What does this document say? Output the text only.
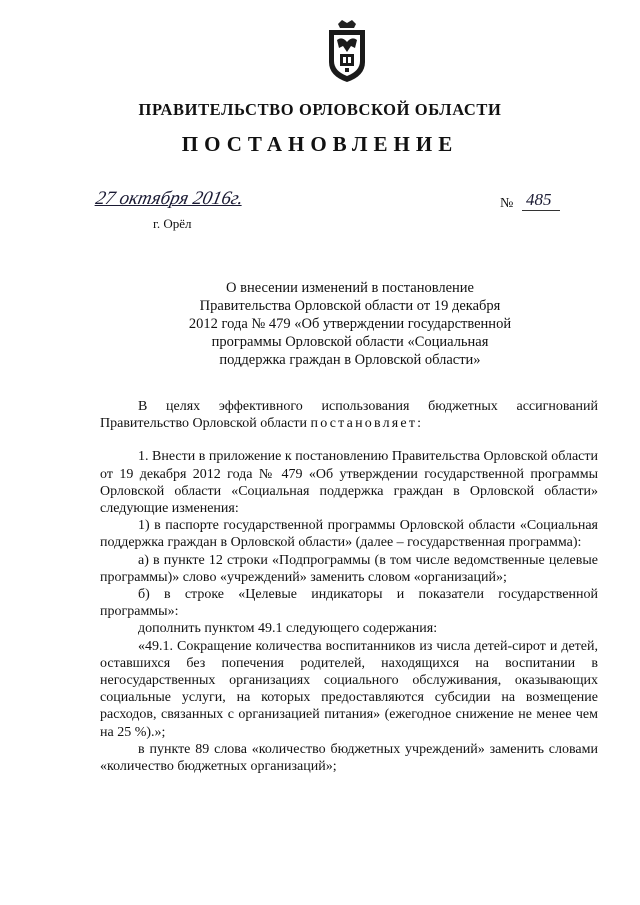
ПРАВИТЕЛЬСТВО ОРЛОВСКОЙ ОБЛАСТИ
ПОСТАНОВЛЕНИЕ
27 октября 2016г.
г. Орёл
№ 485
О внесении изменений в постановление
Правительства Орловской области от 19 декабря
2012 года № 479 «Об утверждении государственной
программы Орловской области «Социальная
поддержка граждан в Орловской области»

В целях эффективного использования бюджетных ассигнований Правительство Орловской области постановляет:

1. Внести в приложение к постановлению Правительства Орловской области от 19 декабря 2012 года № 479 «Об утверждении государственной программы Орловской области «Социальная поддержка граждан в Орловской области» следующие изменения:

1) в паспорте государственной программы Орловской области «Социальная поддержка граждан в Орловской области» (далее – государственная программа):

а) в пункте 12 строки «Подпрограммы (в том числе ведомственные целевые программы)» слово «учреждений» заменить словом «организаций»;

б) в строке «Целевые индикаторы и показатели государственной программы»:

дополнить пунктом 49.1 следующего содержания:

«49.1. Сокращение количества воспитанников из числа детей-сирот и детей, оставшихся без попечения родителей, находящихся на воспитании в негосударственных организациях социального обслуживания, оказывающих социальные услуги, на которых предоставляются субсидии на возмещение расходов, связанных с организацией питания» (ежегодное снижение не менее чем на 25 %).»;

в пункте 89 слова «количество бюджетных учреждений» заменить словами «количество бюджетных организаций»;
